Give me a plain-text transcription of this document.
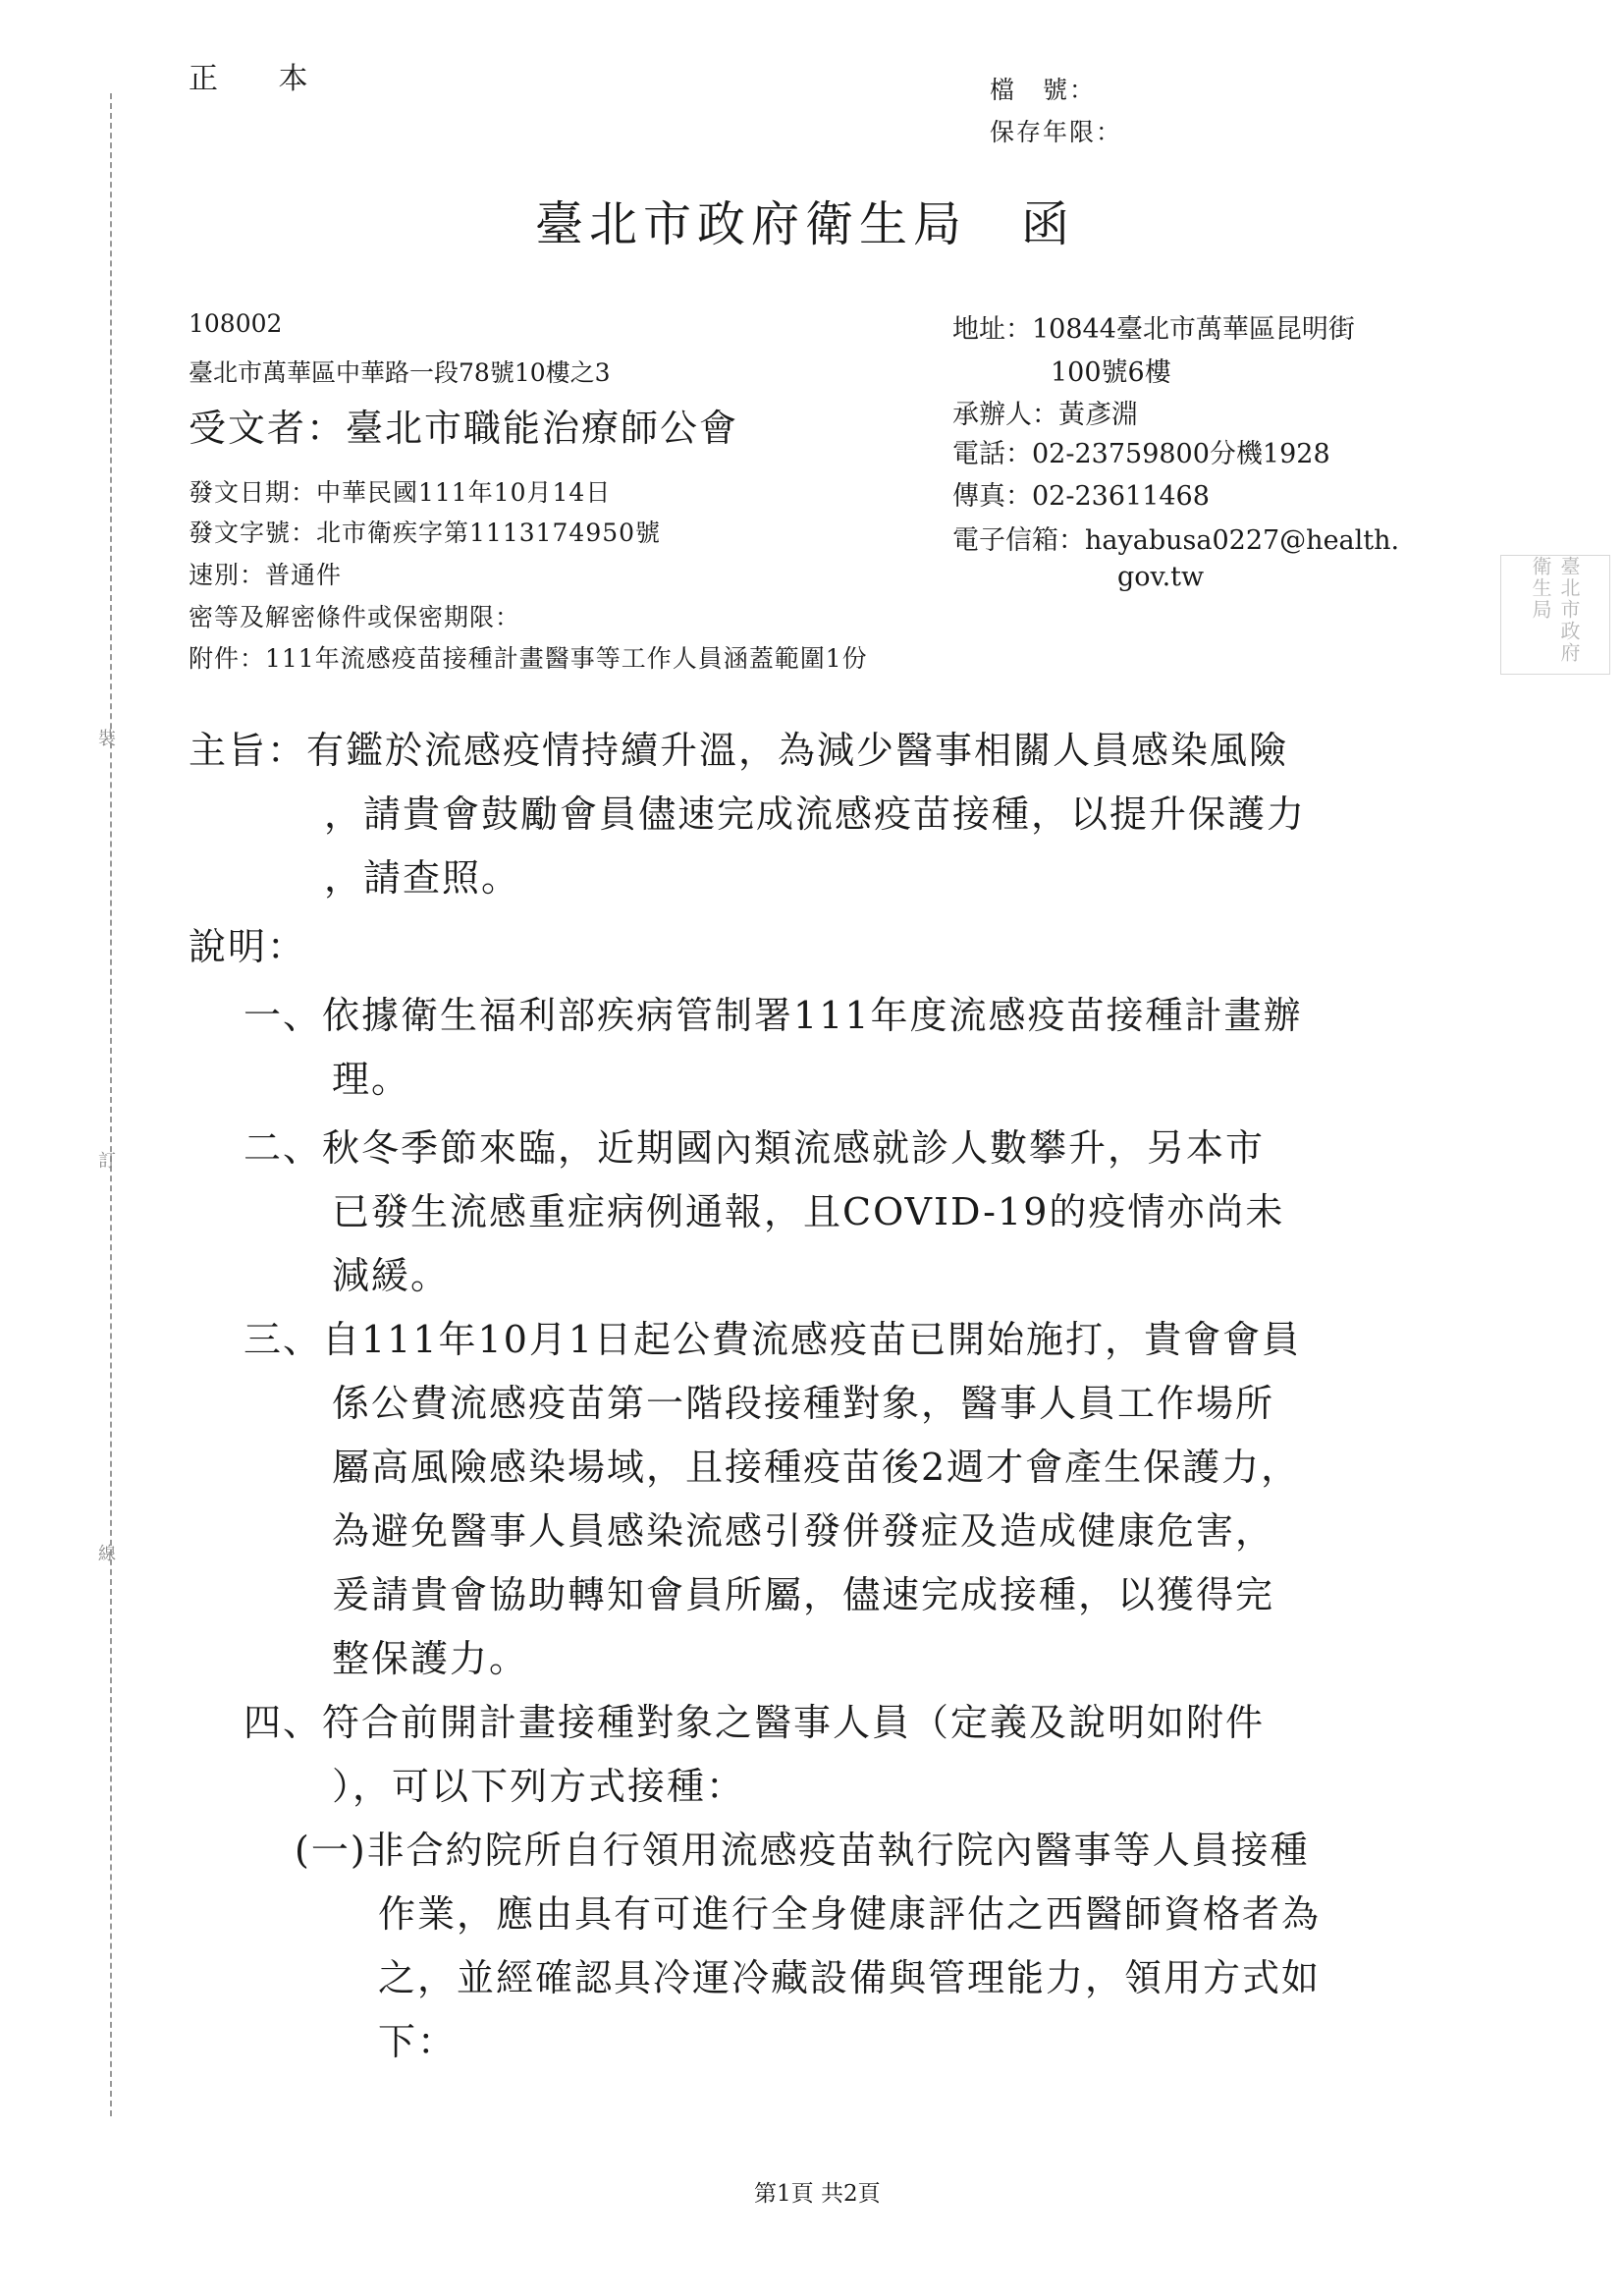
裝
訂
線
正 本	檔　號：
保存年限：
臺北市政府衛生局　函
108002
臺北市萬華區中華路一段78號10樓之3
地址：10844臺北市萬華區昆明街
100號6樓
承辦人：黃彥淵
電話：02-23759800分機1928
傳真：02-23611468
電子信箱：hayabusa0227@health.
gov.tw
受文者：臺北市職能治療師公會
發文日期：中華民國111年10月14日
發文字號：北市衛疾字第1113174950號
速別：普通件
密等及解密條件或保密期限：
附件：111年流感疫苗接種計畫醫事等工作人員涵蓋範圍1份	臺北市政府衛生局
主旨：有鑑於流感疫情持續升溫，為減少醫事相關人員感染風險
，請貴會鼓勵會員儘速完成流感疫苗接種，以提升保護力
，請查照。
說明：
一、依據衛生福利部疾病管制署111年度流感疫苗接種計畫辦
理。
二、秋冬季節來臨，近期國內類流感就診人數攀升，另本市
已發生流感重症病例通報，且COVID-19的疫情亦尚未
減緩。
三、自111年10月1日起公費流感疫苗已開始施打，貴會會員
係公費流感疫苗第一階段接種對象，醫事人員工作場所
屬高風險感染場域，且接種疫苗後2週才會產生保護力，
為避免醫事人員感染流感引發併發症及造成健康危害，
爰請貴會協助轉知會員所屬，儘速完成接種，以獲得完
整保護力。
四、符合前開計畫接種對象之醫事人員（定義及說明如附件
），可以下列方式接種：
(一)非合約院所自行領用流感疫苗執行院內醫事等人員接種
作業，應由具有可進行全身健康評估之西醫師資格者為
之，並經確認具冷運冷藏設備與管理能力，領用方式如
下：
第1頁 共2頁
